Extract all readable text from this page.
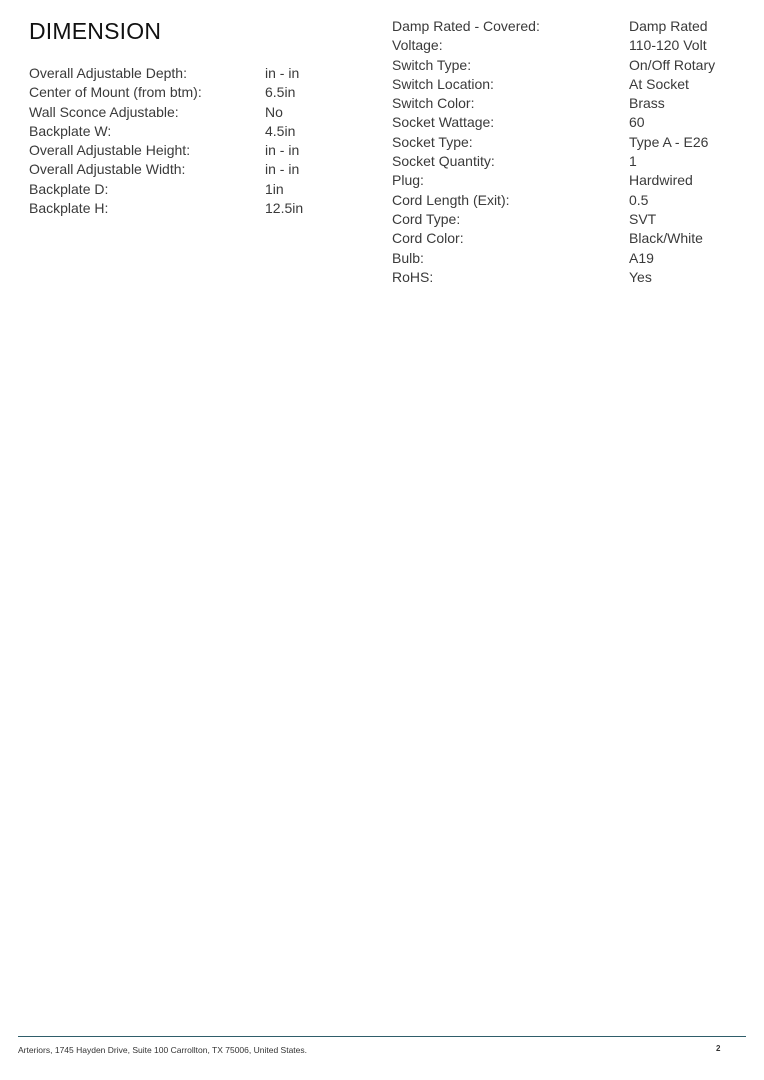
DIMENSION
Overall Adjustable Depth:	in - in
Center of Mount (from btm):	6.5in
Wall Sconce Adjustable:	No
Backplate W:	4.5in
Overall Adjustable Height:	in - in
Overall Adjustable Width:	in - in
Backplate D:	1in
Backplate H:	12.5in
Damp Rated - Covered:	Damp Rated
Voltage:	110-120 Volt
Switch Type:	On/Off Rotary
Switch Location:	At Socket
Switch Color:	Brass
Socket Wattage:	60
Socket Type:	Type A - E26
Socket Quantity:	1
Plug:	Hardwired
Cord Length (Exit):	0.5
Cord Type:	SVT
Cord Color:	Black/White
Bulb:	A19
RoHS:	Yes
Arteriors, 1745 Hayden Drive, Suite 100 Carrollton, TX 75006, United States.	2
